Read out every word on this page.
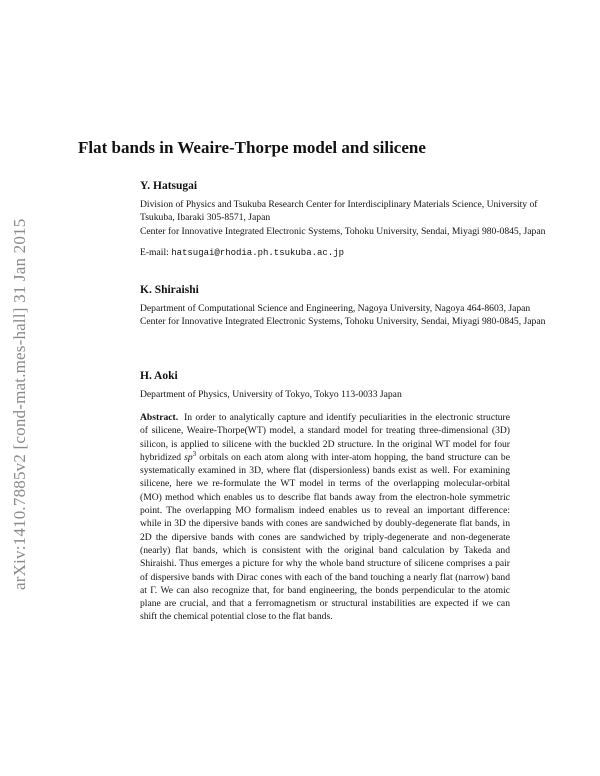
arXiv:1410.7885v2 [cond-mat.mes-hall] 31 Jan 2015
Flat bands in Weaire-Thorpe model and silicene

Y. Hatsugai

Division of Physics and Tsukuba Research Center for Interdisciplinary Materials Science, University of Tsukuba, Ibaraki 305-8571, Japan

Center for Innovative Integrated Electronic Systems, Tohoku University, Sendai, Miyagi 980-0845, Japan

E-mail: hatsugai@rhodia.ph.tsukuba.ac.jp

K. Shiraishi

Department of Computational Science and Engineering, Nagoya University, Nagoya 464-8603, Japan

Center for Innovative Integrated Electronic Systems, Tohoku University, Sendai, Miyagi 980-0845, Japan

H. Aoki

Department of Physics, University of Tokyo, Tokyo 113-0033 Japan

Abstract. In order to analytically capture and identify peculiarities in the electronic structure of silicene, Weaire-Thorpe(WT) model, a standard model for treating three-dimensional (3D) silicon, is applied to silicene with the buckled 2D structure. In the original WT model for four hybridized $sp^3$ orbitals on each atom along with inter-atom hopping, the band structure can be systematically examined in 3D, where flat (dispersionless) bands exist as well. For examining silicene, here we re-formulate the WT model in terms of the overlapping molecular-orbital (MO) method which enables us to describe flat bands away from the electron-hole symmetric point. The overlapping MO formalism indeed enables us to reveal an important difference: while in 3D the dipersive bands with cones are sandwiched by doubly-degenerate flat bands, in 2D the dipersive bands with cones are sandwiched by triply-degenerate and non-degenerate (nearly) flat bands, which is consistent with the original band calculation by Takeda and Shiraishi. Thus emerges a picture for why the whole band structure of silicene comprises a pair of dispersive bands with Dirac cones with each of the band touching a nearly flat (narrow) band at Γ. We can also recognize that, for band engineering, the bonds perpendicular to the atomic plane are crucial, and that a ferromagnetism or structural instabilities are expected if we can shift the chemical potential close to the flat bands.
